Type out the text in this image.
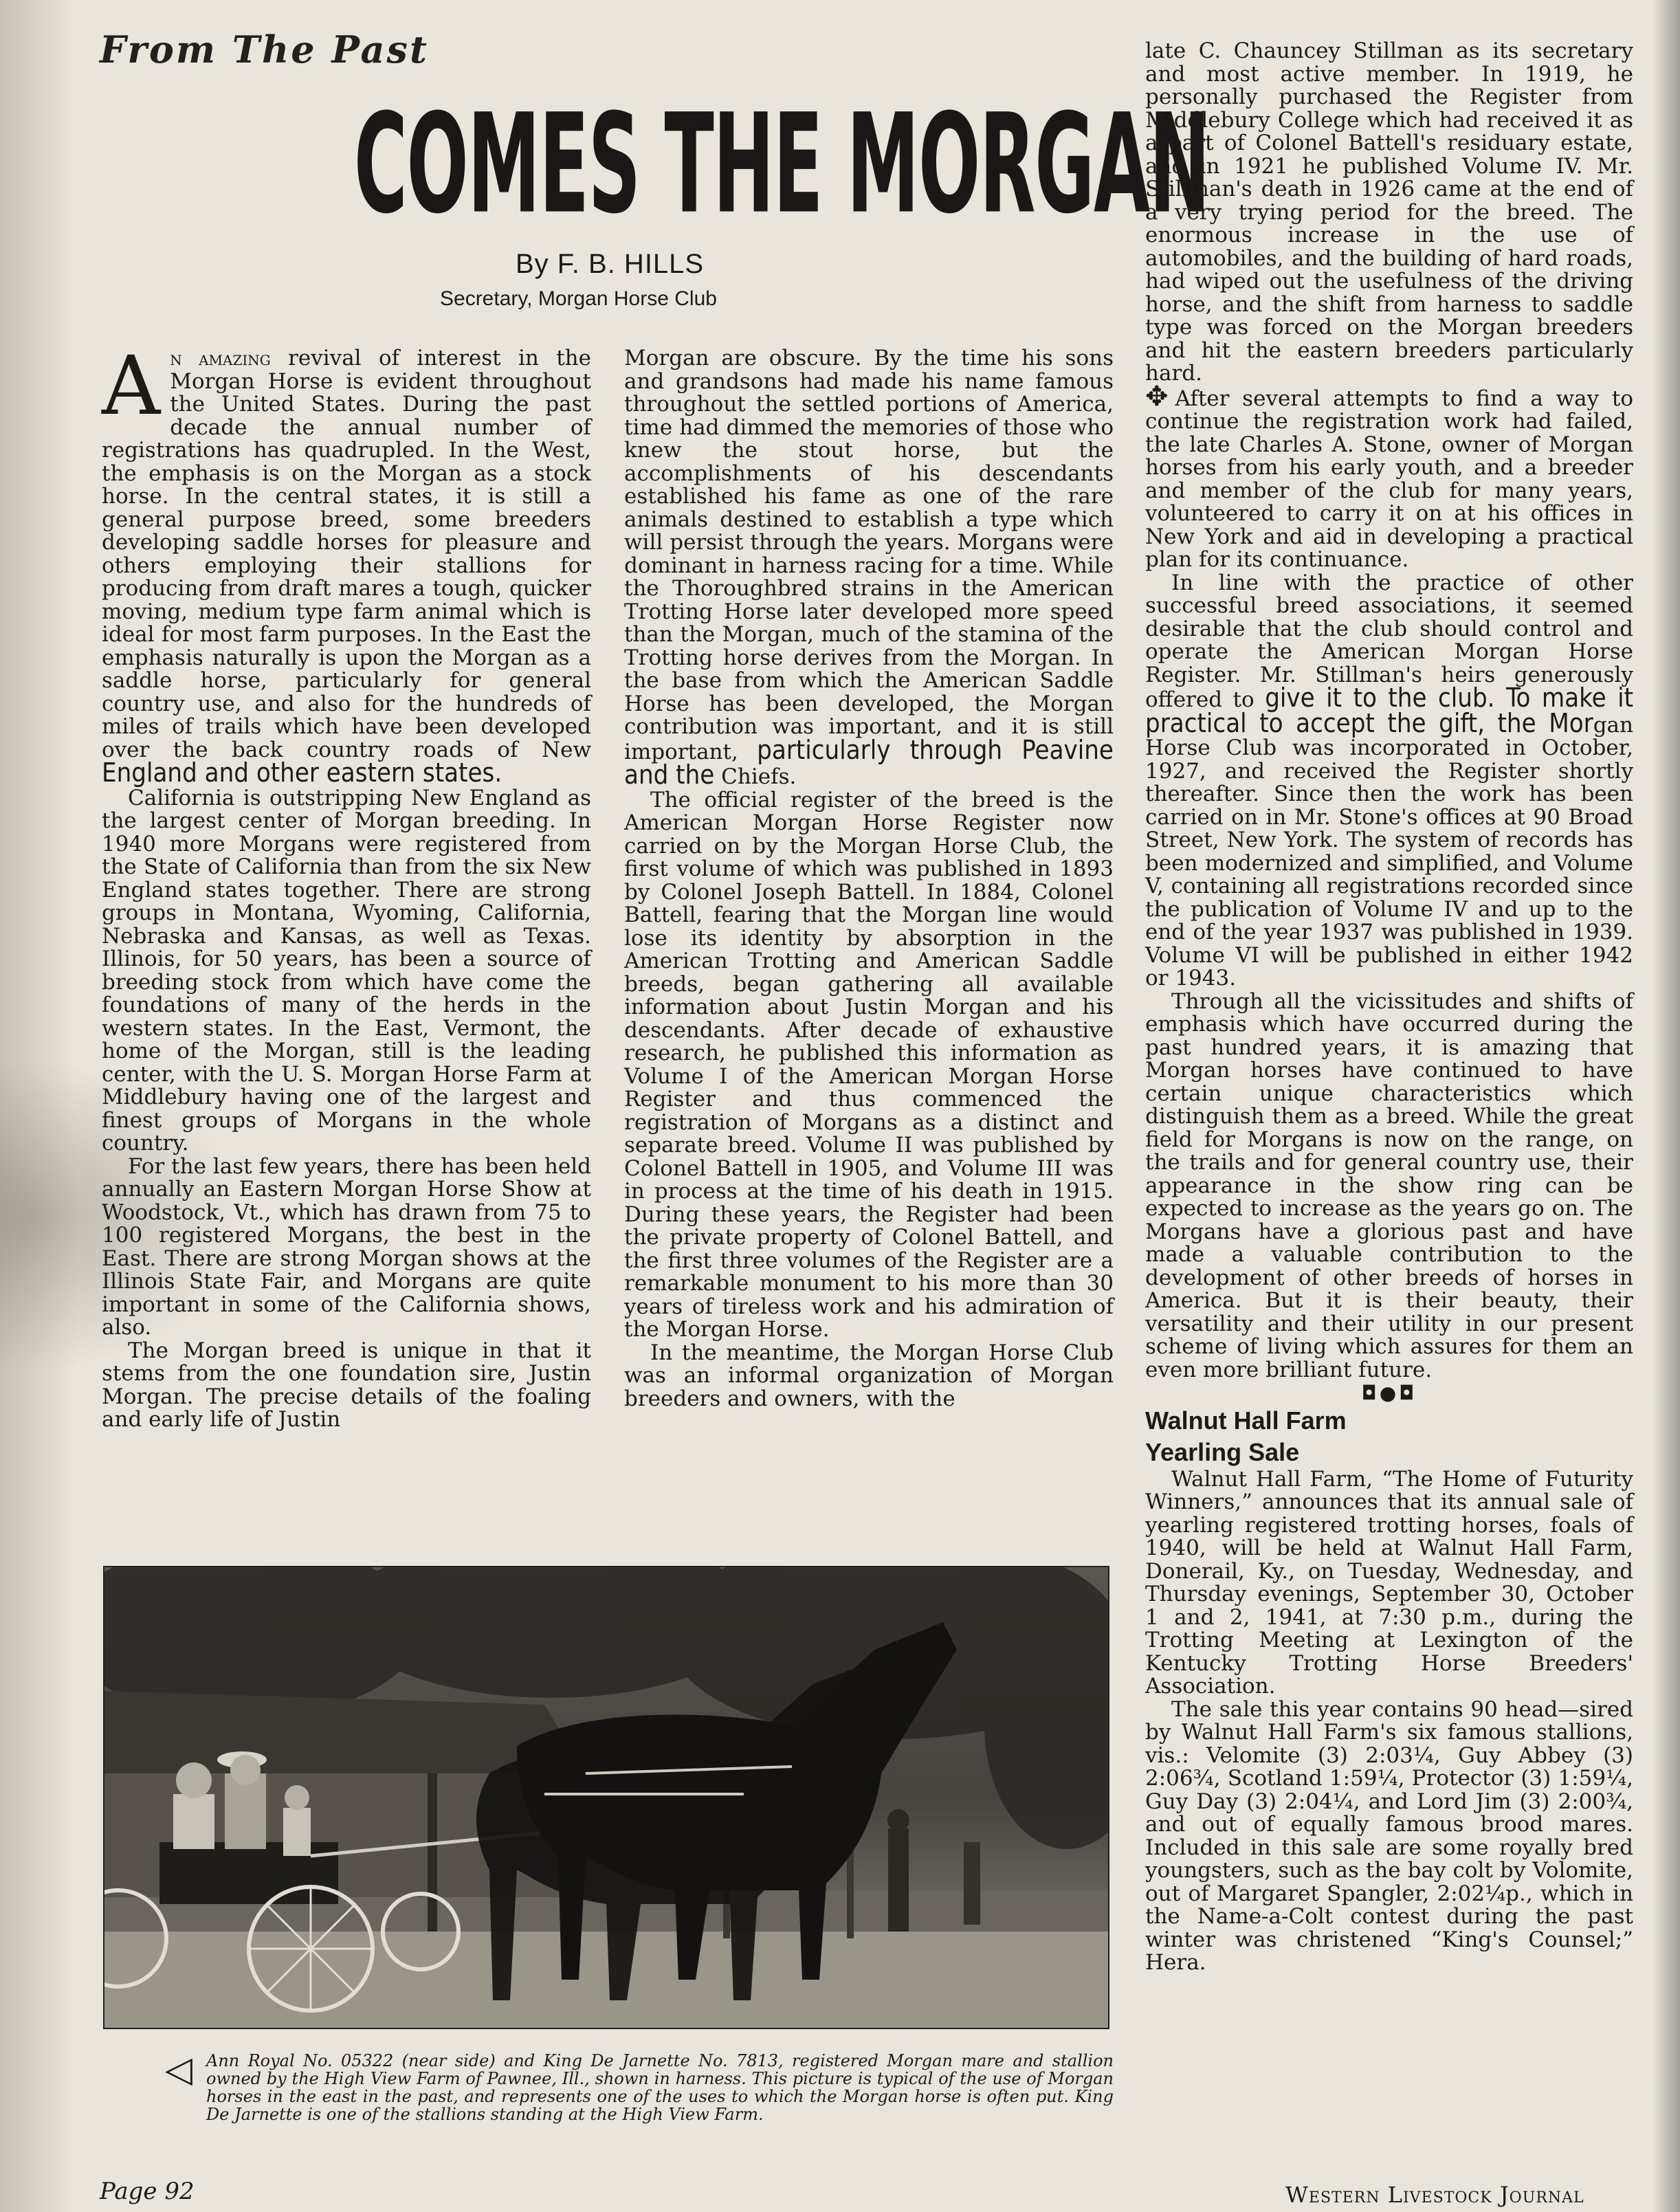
From The Past
COMES THE MORGAN
By F. B. HILLS
Secretary, Morgan Horse Club

An amazing revival of interest in the Morgan Horse is evident throughout the United States. During the past decade the annual number of registrations has quadrupled. In the West, the emphasis is on the Morgan as a stock horse. In the central states, it is still a general purpose breed, some breeders developing saddle horses for pleasure and others employing their stallions for producing from draft mares a tough, quicker moving, medium type farm animal which is ideal for most farm purposes. In the East the emphasis naturally is upon the Morgan as a saddle horse, particularly for general country use, and also for the hundreds of miles of trails which have been developed over the back country roads of New England and other eastern states.

California is outstripping New England as the largest center of Morgan breeding. In 1940 more Morgans were registered from the State of California than from the six New England states together. There are strong groups in Montana, Wyoming, California, Nebraska and Kansas, as well as Texas. Illinois, for 50 years, has been a source of breeding stock from which have come the foundations of many of the herds in the western states. In the East, Vermont, the home of the Morgan, still is the leading center, with the U. S. Morgan Horse Farm at Middlebury having one of the largest and finest groups of Morgans in the whole country.

For the last few years, there has been held annually an Eastern Morgan Horse Show at Woodstock, Vt., which has drawn from 75 to 100 registered Morgans, the best in the East. There are strong Morgan shows at the Illinois State Fair, and Morgans are quite important in some of the California shows, also.

The Morgan breed is unique in that it stems from the one foundation sire, Justin Morgan. The precise details of the foaling and early life of Justin

Morgan are obscure. By the time his sons and grandsons had made his name famous throughout the settled portions of America, time had dimmed the memories of those who knew the stout horse, but the accomplishments of his descendants established his fame as one of the rare animals destined to establish a type which will persist through the years. Morgans were dominant in harness racing for a time. While the Thoroughbred strains in the American Trotting Horse later developed more speed than the Morgan, much of the stamina of the Trotting horse derives from the Morgan. In the base from which the American Saddle Horse has been developed, the Morgan contribution was important, and it is still important, particularly through Peavine and the Chiefs.

The official register of the breed is the American Morgan Horse Register now carried on by the Morgan Horse Club, the first volume of which was published in 1893 by Colonel Joseph Battell. In 1884, Colonel Battell, fearing that the Morgan line would lose its identity by absorption in the American Trotting and American Saddle breeds, began gathering all available information about Justin Morgan and his descendants. After decade of exhaustive research, he published this information as Volume I of the American Morgan Horse Register and thus commenced the registration of Morgans as a distinct and separate breed. Volume II was published by Colonel Battell in 1905, and Volume III was in process at the time of his death in 1915. During these years, the Register had been the private property of Colonel Battell, and the first three volumes of the Register are a remarkable monument to his more than 30 years of tireless work and his admiration of the Morgan Horse.

In the meantime, the Morgan Horse Club was an informal organization of Morgan breeders and owners, with the

late C. Chauncey Stillman as its secretary and most active member. In 1919, he personally purchased the Register from Middlebury College which had received it as a part of Colonel Battell's residuary estate, and in 1921 he published Volume IV. Mr. Stillman's death in 1926 came at the end of a very trying period for the breed. The enormous increase in the use of automobiles, and the building of hard roads, had wiped out the usefulness of the driving horse, and the shift from harness to saddle type was forced on the Morgan breeders and hit the eastern breeders particularly hard.

✥ After several attempts to find a way to continue the registration work had failed, the late Charles A. Stone, owner of Morgan horses from his early youth, and a breeder and member of the club for many years, volunteered to carry it on at his offices in New York and aid in developing a practical plan for its continuance.

In line with the practice of other successful breed associations, it seemed desirable that the club should control and operate the American Morgan Horse Register. Mr. Stillman's heirs generously offered to give it to the club. To make it practical to accept the gift, the Morgan Horse Club was incorporated in October, 1927, and received the Register shortly thereafter. Since then the work has been carried on in Mr. Stone's offices at 90 Broad Street, New York. The system of records has been modernized and simplified, and Volume V, containing all registrations recorded since the publication of Volume IV and up to the end of the year 1937 was published in 1939. Volume VI will be published in either 1942 or 1943.

Through all the vicissitudes and shifts of emphasis which have occurred during the past hundred years, it is amazing that Morgan horses have continued to have certain unique characteristics which distinguish them as a breed. While the great field for Morgans is now on the range, on the trails and for general country use, their appearance in the show ring can be expected to increase as the years go on. The Morgans have a glorious past and have made a valuable contribution to the development of other breeds of horses in America. But it is their beauty, their versatility and their utility in our present scheme of living which assures for them an even more brilliant future.

◘●◘

Walnut Hall Farm

Yearling Sale

Walnut Hall Farm, “The Home of Futurity Winners,” announces that its annual sale of yearling registered trotting horses, foals of 1940, will be held at Walnut Hall Farm, Donerail, Ky., on Tuesday, Wednesday, and Thursday evenings, September 30, October 1 and 2, 1941, at 7:30 p.m., during the Trotting Meeting at Lexington of the Kentucky Trotting Horse Breeders' Association.

The sale this year contains 90 head—sired by Walnut Hall Farm's six famous stallions, vis.: Velomite (3) 2:03¼, Guy Abbey (3) 2:06¾, Scotland 1:59¼, Protector (3) 1:59¼, Guy Day (3) 2:04¼, and Lord Jim (3) 2:00¾, and out of equally famous brood mares. Included in this sale are some royally bred youngsters, such as the bay colt by Volomite, out of Margaret Spangler, 2:02¼p., which in the Name-a-Colt contest during the past winter was christened “King's Counsel;” Hera.

◁ Ann Royal No. 05322 (near side) and King De Jarnette No. 7813, registered Morgan mare and stallion owned by the High View Farm of Pawnee, Ill., shown in harness. This picture is typical of the use of Morgan horses in the east in the past, and represents one of the uses to which the Morgan horse is often put. King De Jarnette is one of the stallions standing at the High View Farm.
Page 92	Western Livestock Journal
